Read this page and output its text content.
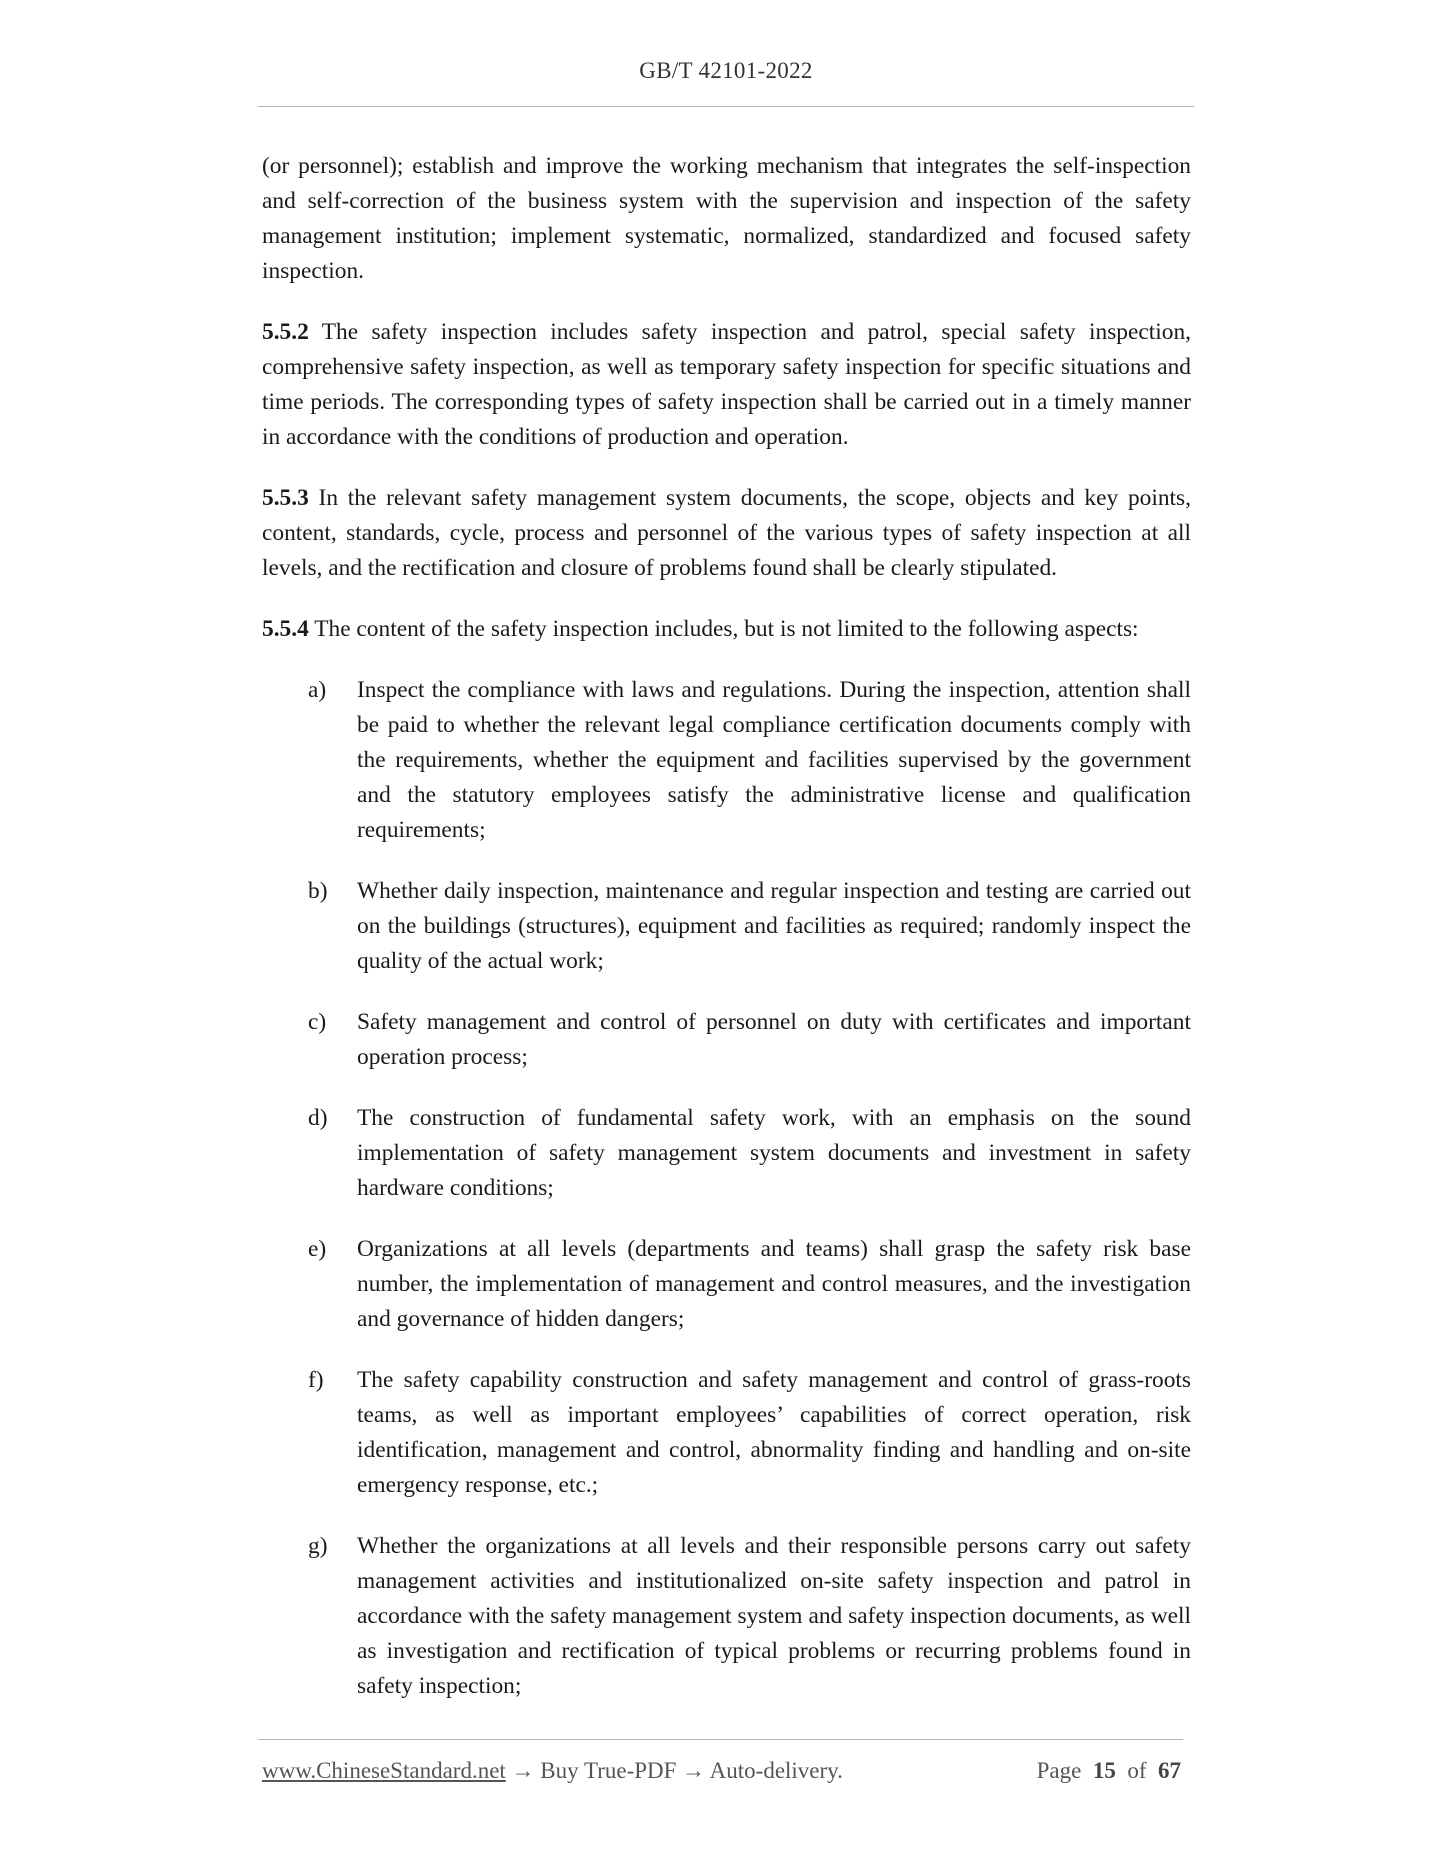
GB/T 42101-2022

(or personnel); establish and improve the working mechanism that integrates the self-inspection and self-correction of the business system with the supervision and inspection of the safety management institution; implement systematic, normalized, standardized and focused safety inspection.

5.5.2 The safety inspection includes safety inspection and patrol, special safety inspection, comprehensive safety inspection, as well as temporary safety inspection for specific situations and time periods. The corresponding types of safety inspection shall be carried out in a timely manner in accordance with the conditions of production and operation.

5.5.3 In the relevant safety management system documents, the scope, objects and key points, content, standards, cycle, process and personnel of the various types of safety inspection at all levels, and the rectification and closure of problems found shall be clearly stipulated.

5.5.4 The content of the safety inspection includes, but is not limited to the following aspects:

a)	Inspect the compliance with laws and regulations. During the inspection, attention shall be paid to whether the relevant legal compliance certification documents comply with the requirements, whether the equipment and facilities supervised by the government and the statutory employees satisfy the administrative license and qualification requirements;
b)	Whether daily inspection, maintenance and regular inspection and testing are carried out on the buildings (structures), equipment and facilities as required; randomly inspect the quality of the actual work;
c)	Safety management and control of personnel on duty with certificates and important operation process;
d)	The construction of fundamental safety work, with an emphasis on the sound implementation of safety management system documents and investment in safety hardware conditions;
e)	Organizations at all levels (departments and teams) shall grasp the safety risk base number, the implementation of management and control measures, and the investigation and governance of hidden dangers;
f)	The safety capability construction and safety management and control of grass-roots teams, as well as important employees’ capabilities of correct operation, risk identification, management and control, abnormality finding and handling and on-site emergency response, etc.;
g)	Whether the organizations at all levels and their responsible persons carry out safety management activities and institutionalized on-site safety inspection and patrol in accordance with the safety management system and safety inspection documents, as well as investigation and rectification of typical problems or recurring problems found in safety inspection;
www.ChineseStandard.net → Buy True-PDF → Auto-delivery.	Page 15 of 67
